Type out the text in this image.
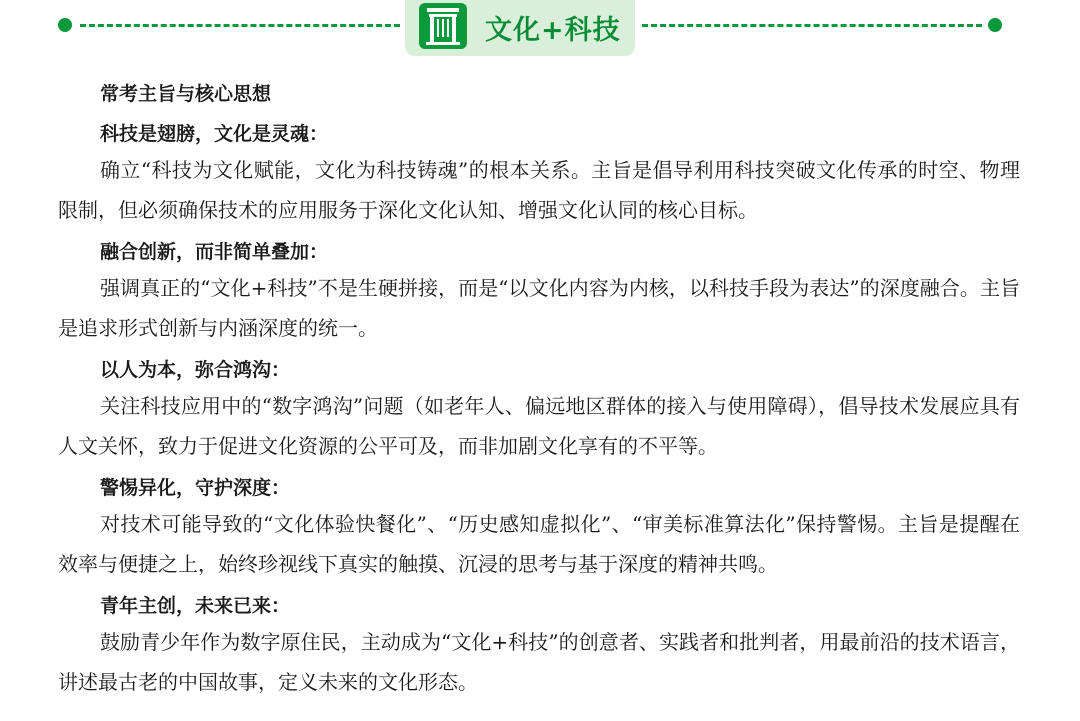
文化+科技
常考主旨与核心思想
科技是翅膀，文化是灵魂：

确立“科技为文化赋能，文化为科技铸魂”的根本关系。主旨是倡导利用科技突破文化传承的时空、物理限制，但必须确保技术的应用服务于深化文化认知、增强文化认同的核心目标。

融合创新，而非简单叠加：

强调真正的“文化+科技”不是生硬拼接，而是“以文化内容为内核，以科技手段为表达”的深度融合。主旨是追求形式创新与内涵深度的统一。

以人为本，弥合鸿沟：

关注科技应用中的“数字鸿沟”问题（如老年人、偏远地区群体的接入与使用障碍），倡导技术发展应具有人文关怀，致力于促进文化资源的公平可及，而非加剧文化享有的不平等。

警惕异化，守护深度：

对技术可能导致的“文化体验快餐化”、“历史感知虚拟化”、“审美标准算法化”保持警惕。主旨是提醒在效率与便捷之上，始终珍视线下真实的触摸、沉浸的思考与基于深度的精神共鸣。

青年主创，未来已来：

鼓励青少年作为数字原住民，主动成为“文化+科技”的创意者、实践者和批判者，用最前沿的技术语言，讲述最古老的中国故事，定义未来的文化形态。
